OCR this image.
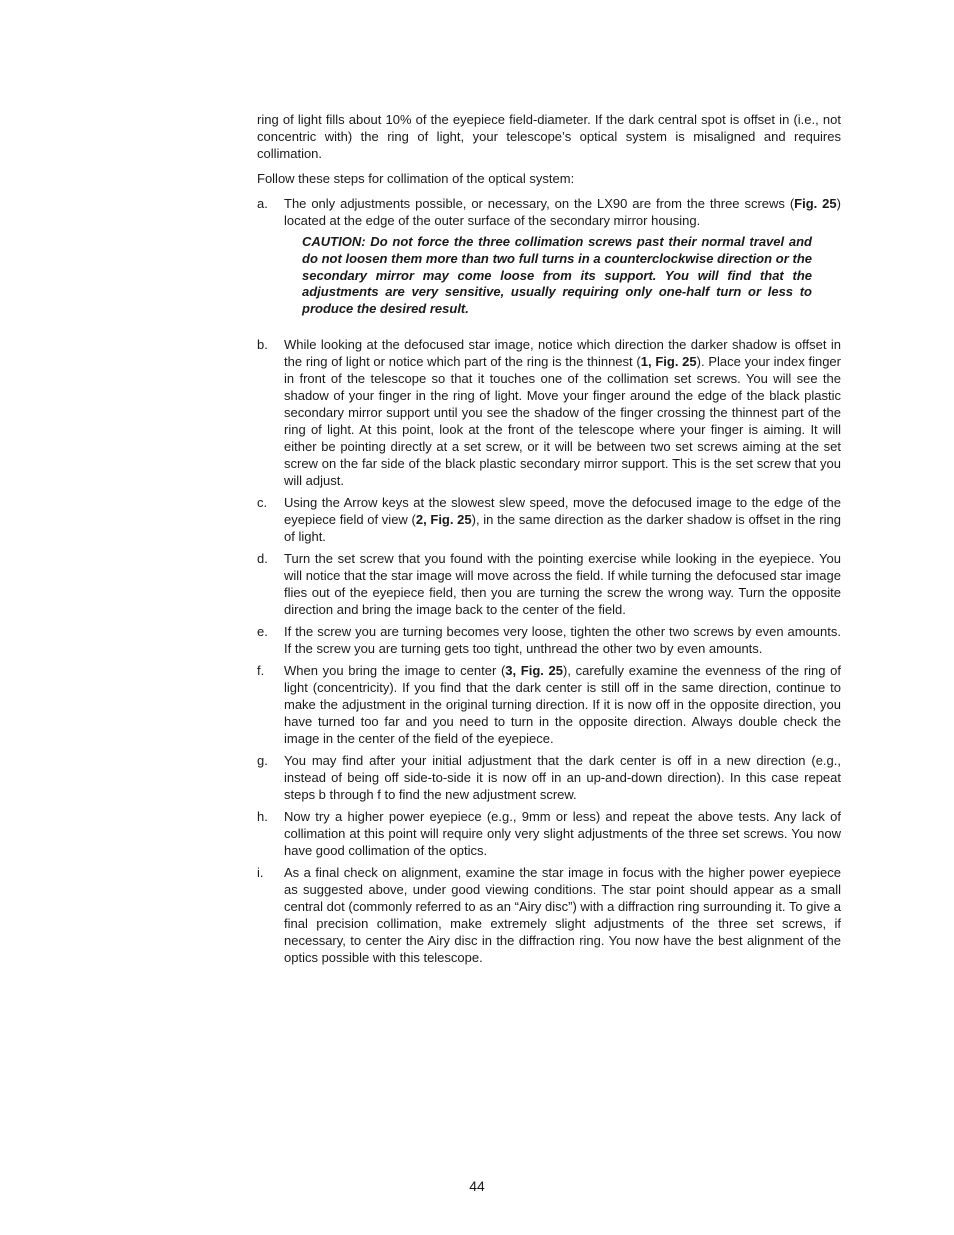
ring of light fills about 10% of the eyepiece field-diameter. If the dark central spot is offset in (i.e., not concentric with) the ring of light, your telescope’s optical system is misaligned and requires collimation.

Follow these steps for collimation of the optical system:

a.	The only adjustments possible, or necessary, on the LX90 are from the three screws (Fig. 25) located at the edge of the outer surface of the secondary mirror housing.
CAUTION: Do not force the three collimation screws past their normal travel and do not loosen them more than two full turns in a counterclockwise direction or the secondary mirror may come loose from its support. You will find that the adjustments are very sensitive, usually requiring only one-half turn or less to produce the desired result.
b.	While looking at the defocused star image, notice which direction the darker shadow is offset in the ring of light or notice which part of the ring is the thinnest (1, Fig. 25). Place your index finger in front of the telescope so that it touches one of the collimation set screws. You will see the shadow of your finger in the ring of light. Move your finger around the edge of the black plastic secondary mirror support until you see the shadow of the finger crossing the thinnest part of the ring of light. At this point, look at the front of the telescope where your finger is aiming. It will either be pointing directly at a set screw, or it will be between two set screws aiming at the set screw on the far side of the black plastic secondary mirror support. This is the set screw that you will adjust.
c.	Using the Arrow keys at the slowest slew speed, move the defocused image to the edge of the eyepiece field of view (2, Fig. 25), in the same direction as the darker shadow is offset in the ring of light.
d.	Turn the set screw that you found with the pointing exercise while looking in the eyepiece. You will notice that the star image will move across the field. If while turning the defocused star image flies out of the eyepiece field, then you are turning the screw the wrong way. Turn the opposite direction and bring the image back to the center of the field.
e.	If the screw you are turning becomes very loose, tighten the other two screws by even amounts. If the screw you are turning gets too tight, unthread the other two by even amounts.
f.	When you bring the image to center (3, Fig. 25), carefully examine the evenness of the ring of light (concentricity). If you find that the dark center is still off in the same direction, continue to make the adjustment in the original turning direction. If it is now off in the opposite direction, you have turned too far and you need to turn in the opposite direction. Always double check the image in the center of the field of the eyepiece.
g.	You may find after your initial adjustment that the dark center is off in a new direction (e.g., instead of being off side-to-side it is now off in an up-and-down direction). In this case repeat steps b through f to find the new adjustment screw.
h.	Now try a higher power eyepiece (e.g., 9mm or less) and repeat the above tests. Any lack of collimation at this point will require only very slight adjustments of the three set screws. You now have good collimation of the optics.
i.	As a final check on alignment, examine the star image in focus with the higher power eyepiece as suggested above, under good viewing conditions. The star point should appear as a small central dot (commonly referred to as an “Airy disc”) with a diffraction ring surrounding it. To give a final precision collimation, make extremely slight adjustments of the three set screws, if necessary, to center the Airy disc in the diffraction ring. You now have the best alignment of the optics possible with this telescope.
44
